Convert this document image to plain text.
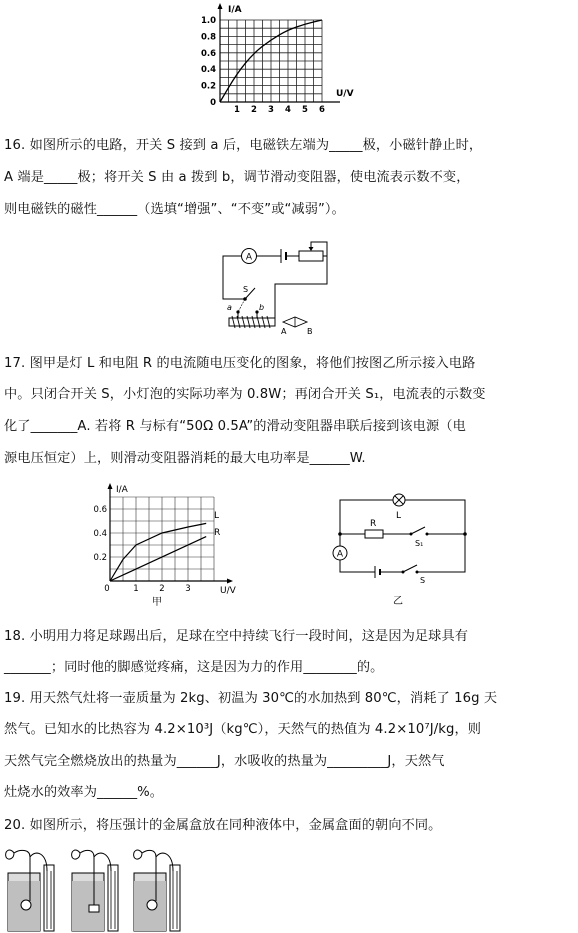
1.0
0.8
0.6
0.4
0.2
0
1 2 3 4 5 6
I/A
U/V
16. 如图所示的电路，开关 S 接到 a 后，电磁铁左端为_____极，小磁针静止时，
A 端是_____极；将开关 S 由 a 拨到 b，调节滑动变阻器，使电流表示数不变，
则电磁铁的磁性______（选填“增强”、“不变”或“减弱”）。
A
S
a	b
A	B
17. 图甲是灯 L 和电阻 R 的电流随电压变化的图象，将他们按图乙所示接入电路
中。只闭合开关 S，小灯泡的实际功率为 0.8W；再闭合开关 S₁，电流表的示数变
化了_______A. 若将 R 与标有“50Ω 0.5A”的滑动变阻器串联后接到该电源（电
源电压恒定）上，则滑动变阻器消耗的最大电功率是______W.
0.6
0.4
0.2
0	1 2 3
I/A
U/V
L
R
甲
L
R
S₁
A
S
乙
18. 小明用力将足球踢出后，足球在空中持续飞行一段时间，这是因为足球具有
_______；同时他的脚感觉疼痛，这是因为力的作用________的。
19. 用天然气灶将一壶质量为 2kg、初温为 30℃的水加热到 80℃，消耗了 16g 天
然气。已知水的比热容为 4.2×10³J（kg℃），天然气的热值为 4.2×10⁷J/kg，则
天然气完全燃烧放出的热量为______J，水吸收的热量为_________J，天然气
灶烧水的效率为______%。
20. 如图所示，将压强计的金属盒放在同种液体中，金属盒面的朝向不同。
